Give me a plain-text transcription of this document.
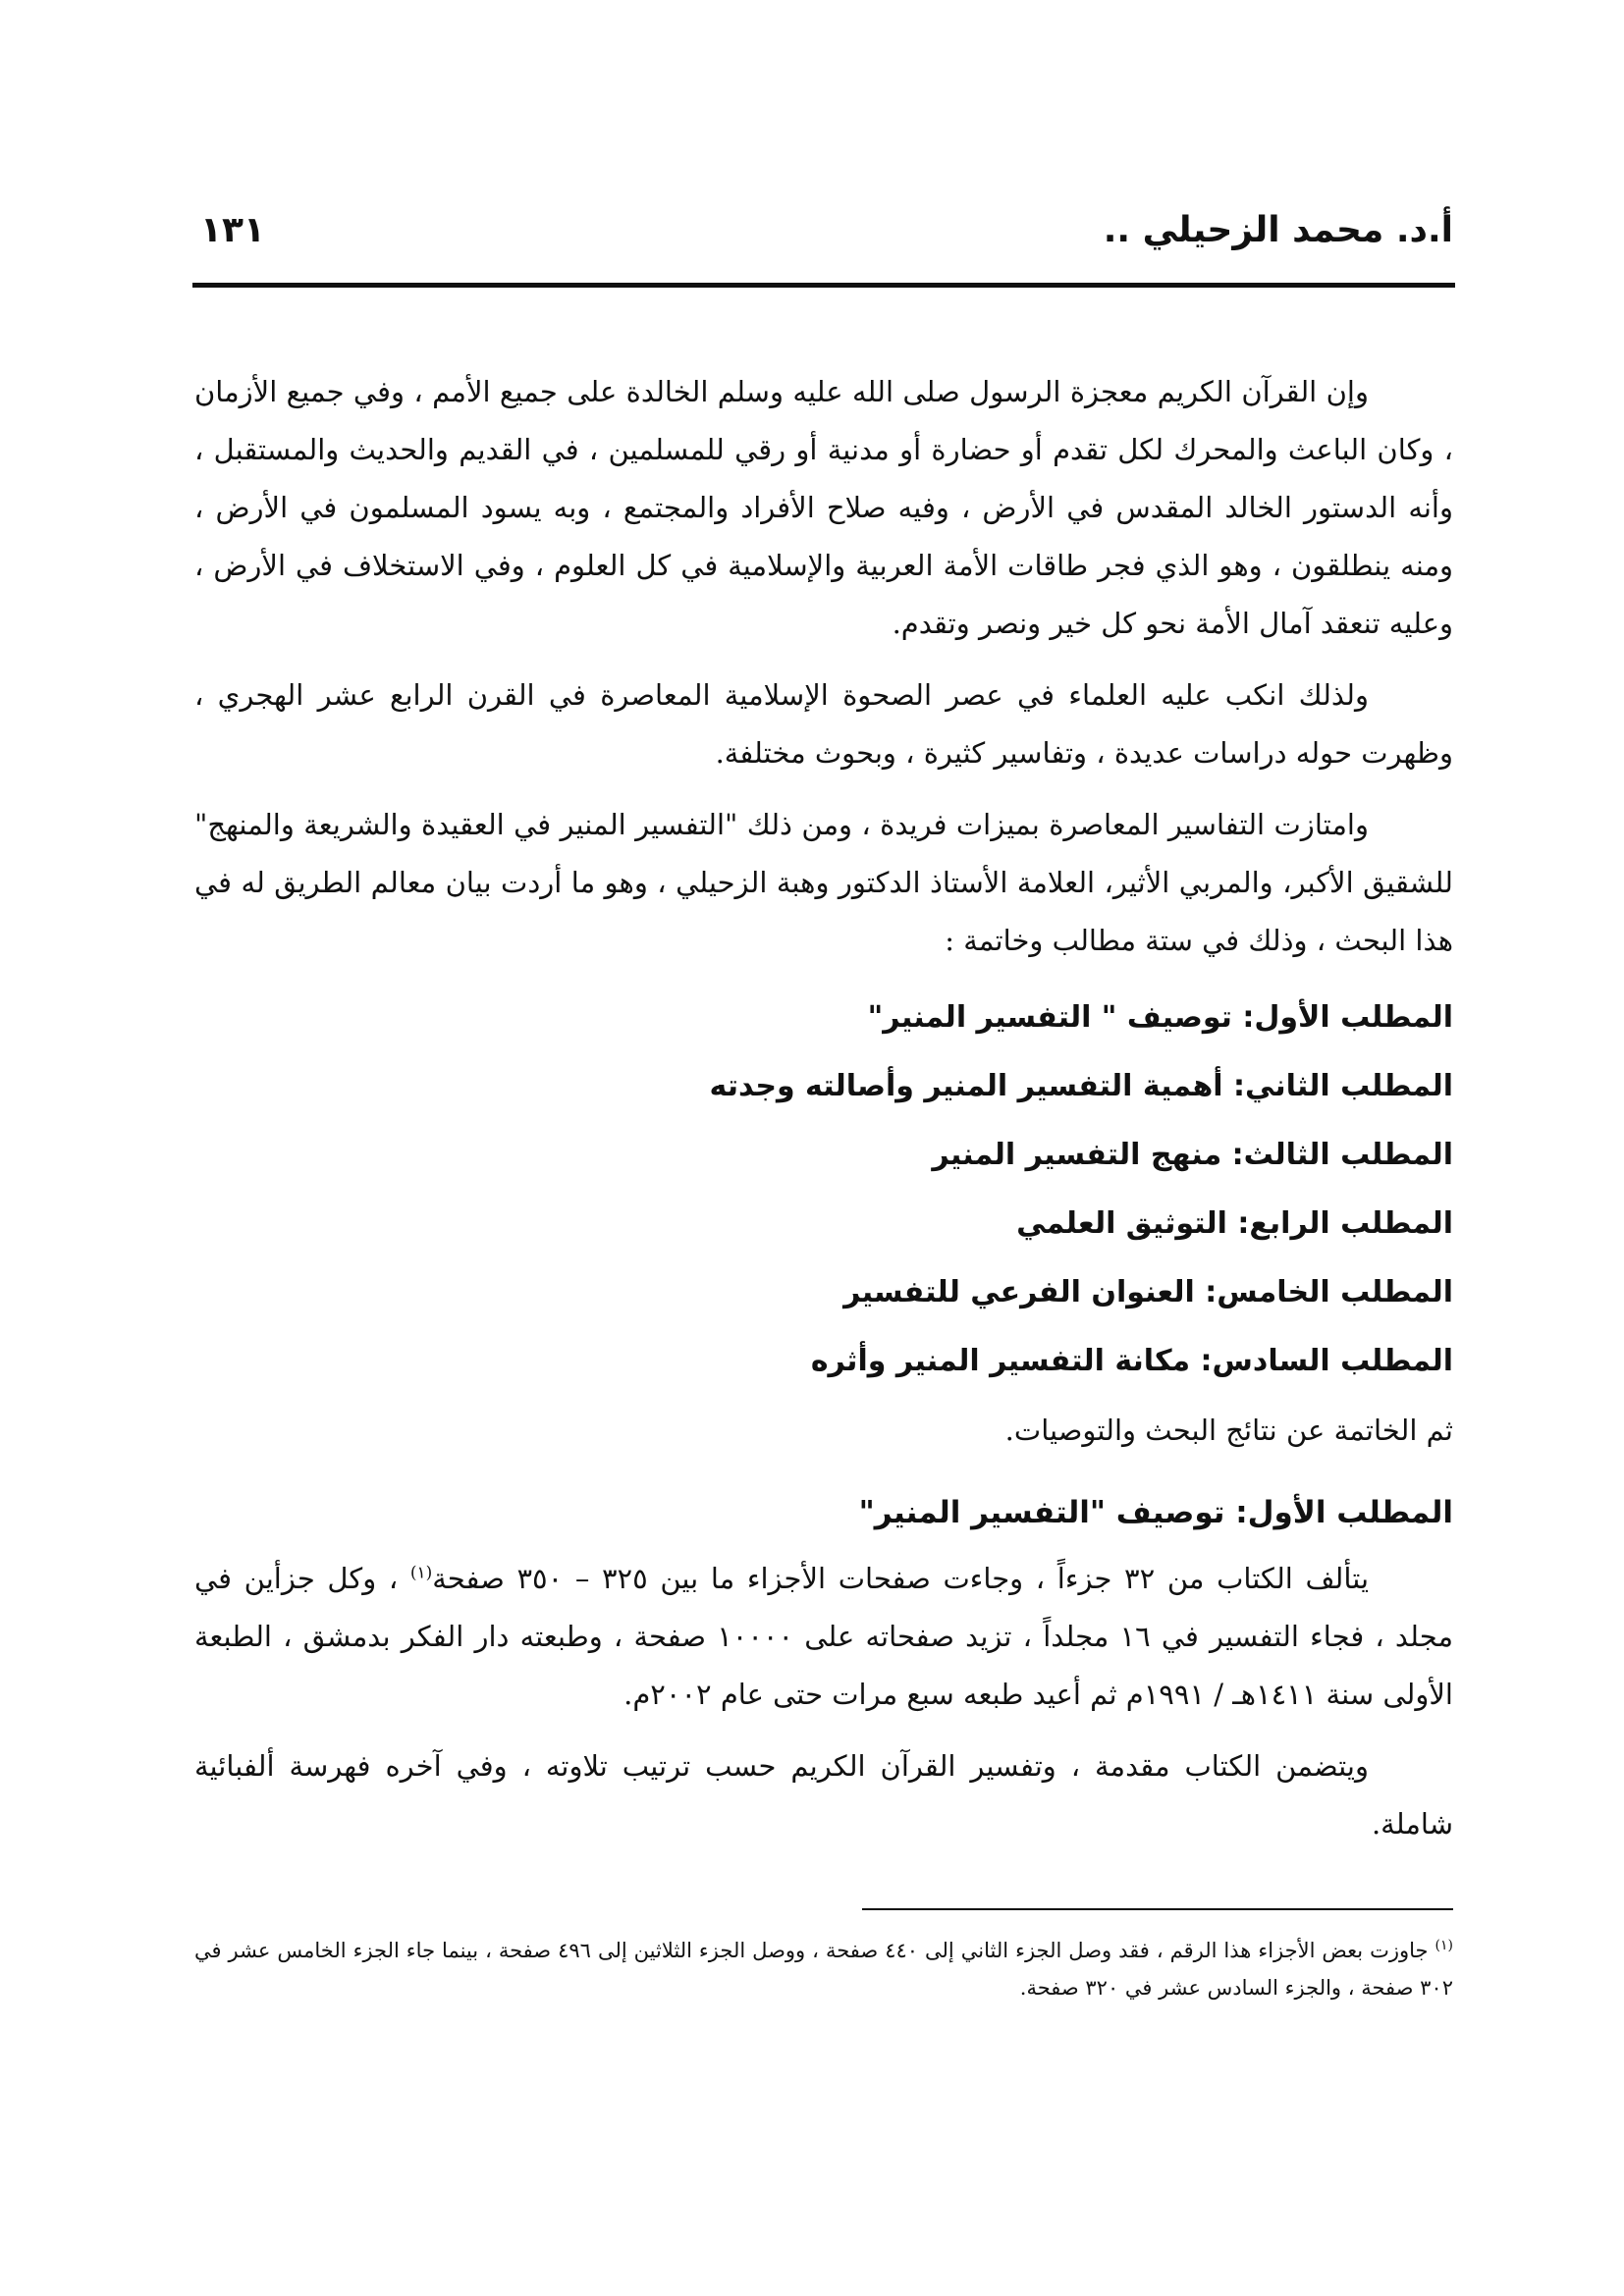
أ.د. محمد الزحيلي ..
١٣١

وإن القرآن الكريم معجزة الرسول صلى الله عليه وسلم الخالدة على جميع الأمم ، وفي جميع الأزمان ، وكان الباعث والمحرك لكل تقدم أو حضارة أو مدنية أو رقي للمسلمين ، في القديم والحديث والمستقبل ، وأنه الدستور الخالد المقدس في الأرض ، وفيه صلاح الأفراد والمجتمع ، وبه يسود المسلمون في الأرض ، ومنه ينطلقون ، وهو الذي فجر طاقات الأمة العربية والإسلامية في كل العلوم ، وفي الاستخلاف في الأرض ، وعليه تنعقد آمال الأمة نحو كل خير ونصر وتقدم.

ولذلك انكب عليه العلماء في عصر الصحوة الإسلامية المعاصرة في القرن الرابع عشر الهجري ، وظهرت حوله دراسات عديدة ، وتفاسير كثيرة ، وبحوث مختلفة.

وامتازت التفاسير المعاصرة بميزات فريدة ، ومن ذلك "التفسير المنير في العقيدة والشريعة والمنهج" للشقيق الأكبر، والمربي الأثير، العلامة الأستاذ الدكتور وهبة الزحيلي ، وهو ما أردت بيان معالم الطريق له في هذا البحث ، وذلك في ستة مطالب وخاتمة :

المطلب الأول: توصيف " التفسير المنير"
المطلب الثاني: أهمية التفسير المنير وأصالته وجدته
المطلب الثالث: منهج التفسير المنير
المطلب الرابع: التوثيق العلمي
المطلب الخامس: العنوان الفرعي للتفسير
المطلب السادس: مكانة التفسير المنير وأثره

ثم الخاتمة عن نتائج البحث والتوصيات.

المطلب الأول: توصيف "التفسير المنير"

يتألف الكتاب من ٣٢ جزءاً ، وجاءت صفحات الأجزاء ما بين ٣٢٥ – ٣٥٠ صفحة$^{(١)}$ ، وكل جزأين في مجلد ، فجاء التفسير في ١٦ مجلداً ، تزيد صفحاته على ١٠٠٠٠ صفحة ، وطبعته دار الفكر بدمشق ، الطبعة الأولى سنة ١٤١١هـ / ١٩٩١م ثم أعيد طبعه سبع مرات حتى عام ٢٠٠٢م.

ويتضمن الكتاب مقدمة ، وتفسير القرآن الكريم حسب ترتيب تلاوته ، وفي آخره فهرسة ألفبائية شاملة.

$^{(١)}$ جاوزت بعض الأجزاء هذا الرقم ، فقد وصل الجزء الثاني إلى ٤٤٠ صفحة ، ووصل الجزء الثلاثين إلى ٤٩٦ صفحة ، بينما جاء الجزء الخامس عشر في ٣٠٢ صفحة ، والجزء السادس عشر في ٣٢٠ صفحة.
